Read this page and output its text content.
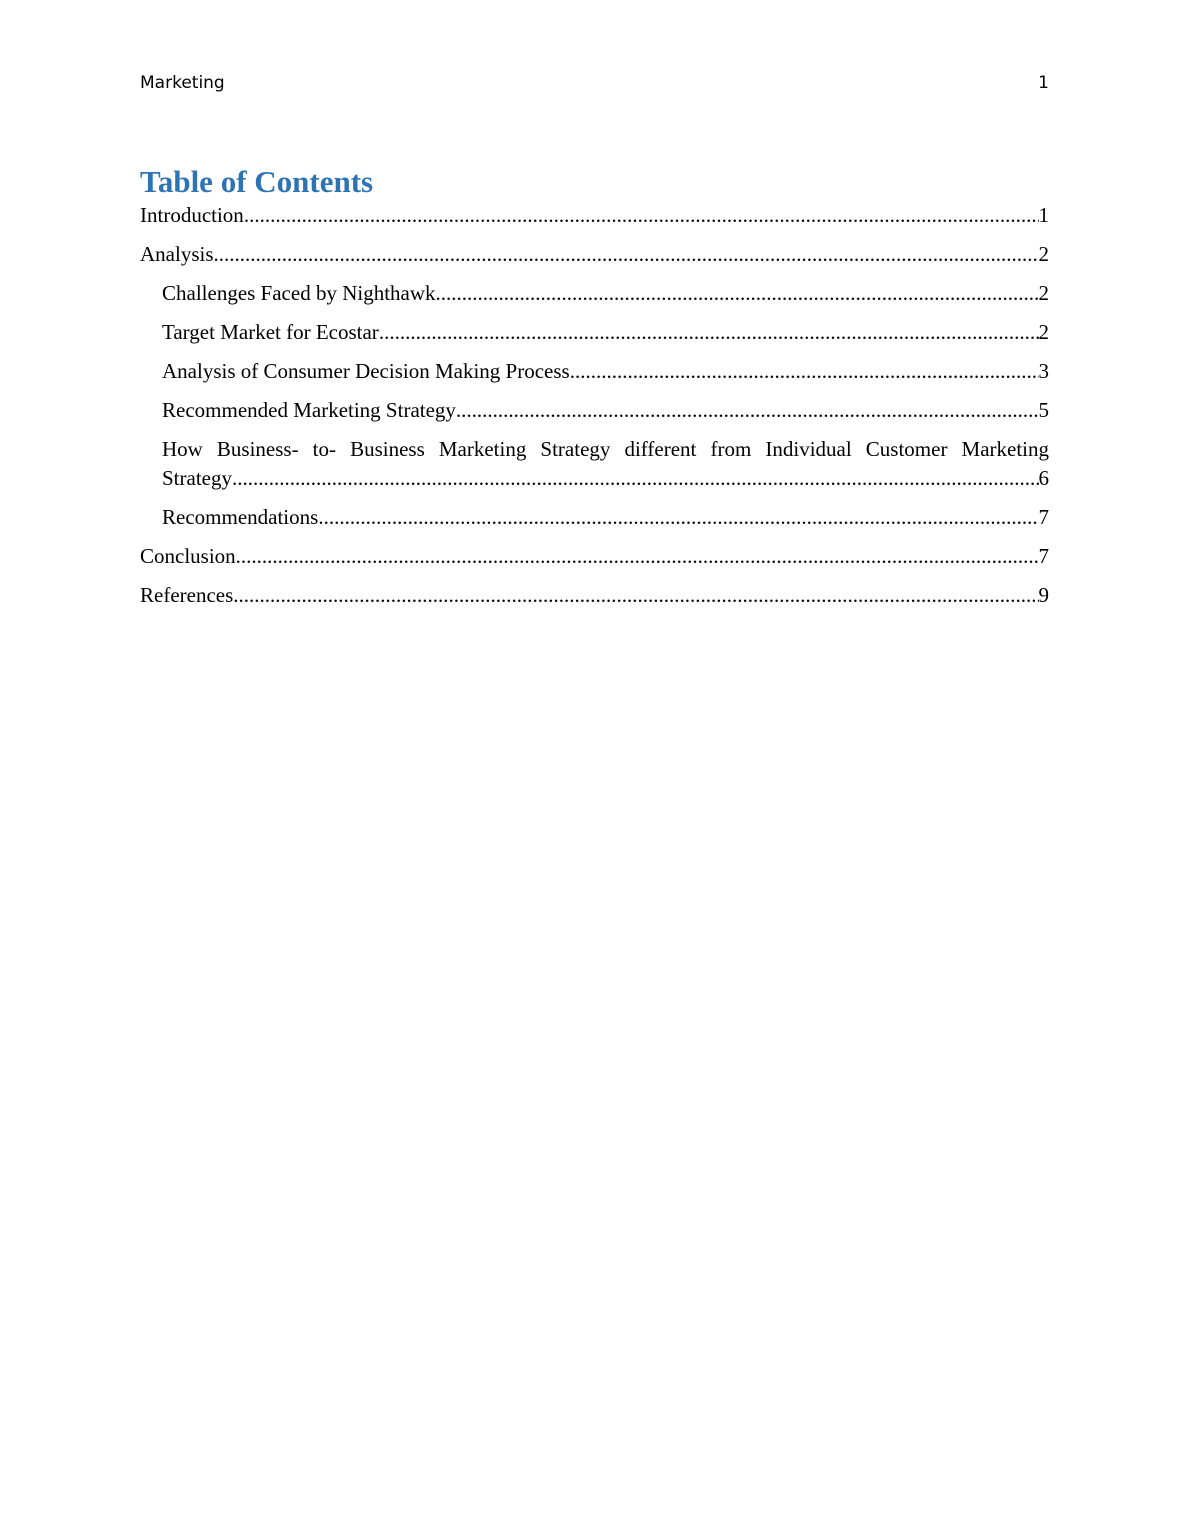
Marketing	1
Table of Contents
Introduction .....	1
Analysis .....	2
Challenges Faced by Nighthawk .....	2
Target Market for Ecostar .....	2
Analysis of Consumer Decision Making Process .....	3
Recommended Marketing Strategy .....	5
How Business- to- Business Marketing Strategy different from Individual Customer Marketing
Strategy .....	6
Recommendations .....	7
Conclusion .....	7
References .....	9
